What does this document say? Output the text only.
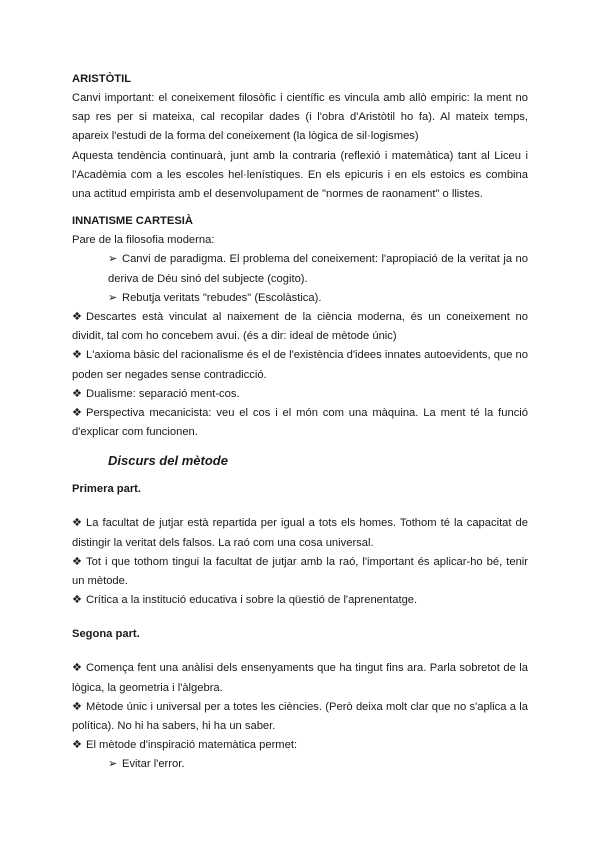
ARISTÒTIL

Canvi important: el coneixement filosòfic i científic es vincula amb allò empiric: la ment no sap res per si mateixa, cal recopilar dades (i l'obra d'Aristòtil ho fa). Al mateix temps, apareix l'estudi de la forma del coneixement (la lògica de sil·logismes)

Aquesta tendència continuarà, junt amb la contraria (reflexió i matemàtica) tant al Liceu i l'Acadèmia com a les escoles hel·lenístiques. En els epicuris i en els estoics es combina una actitud empirista amb el desenvolupament de "normes de raonament" o llistes.

INNATISME CARTESIÀ

Pare de la filosofia moderna:

➢ Canvi de paradigma. El problema del coneixement: l'apropiació de la veritat ja no deriva de Déu sinó del subjecte (cogito).

➢ Rebutja veritats "rebudes" (Escolàstica).

❖ Descartes està vinculat al naixement de la ciència moderna, és un coneixement no dividit, tal com ho concebem avui. (és a dir: ideal de mètode únic)

❖ L'axioma bàsic del racionalisme és el de l'existència d'idees innates autoevidents, que no poden ser negades sense contradicció.

❖ Dualisme: separació ment-cos.

❖ Perspectiva mecanicista: veu el cos i el món com una màquina. La ment té la funció d'explicar com funcionen.

Discurs del mètode

Primera part.

❖ La facultat de jutjar està repartida per igual a tots els homes. Tothom té la capacitat de distingir la veritat dels falsos. La raó com una cosa universal.

❖ Tot i que tothom tingui la facultat de jutjar amb la raó, l'important és aplicar-ho bé, tenir un mètode.

❖ Crítica a la institució educativa i sobre la qüestió de l'aprenentatge.

Segona part.

❖ Comença fent una anàlisi dels ensenyaments que ha tingut fins ara. Parla sobretot de la lògica, la geometria i l'àlgebra.

❖ Mètode únic i universal per a totes les ciències. (Però deixa molt clar que no s'aplica a la política). No hi ha sabers, hi ha un saber.

❖ El mètode d'inspiració matemàtica permet:

➢ Evitar l'error.
